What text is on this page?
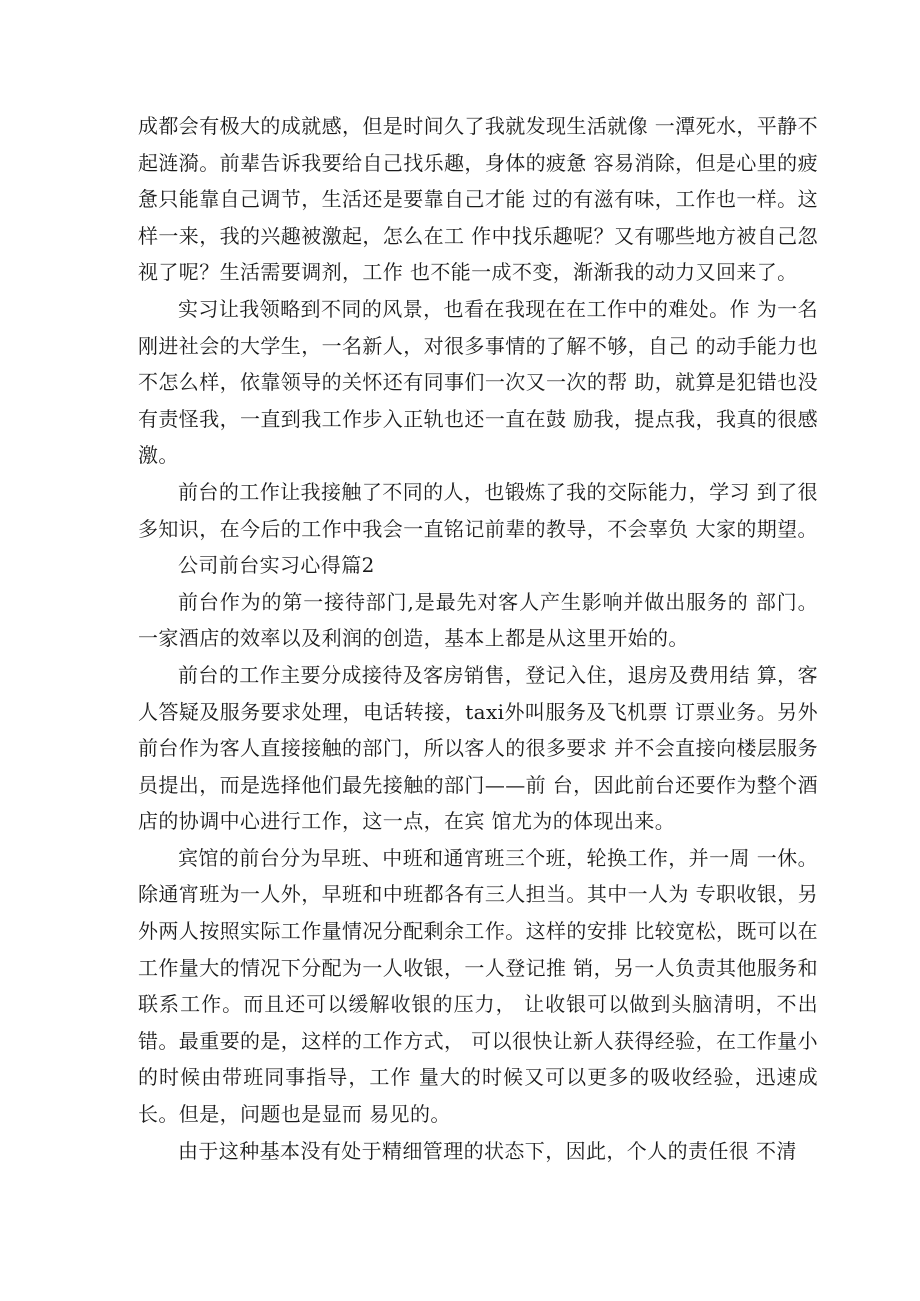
成都会有极大的成就感，但是时间久了我就发现生活就像 一潭死水，平静不起涟漪。前辈告诉我要给自己找乐趣，身体的疲惫 容易消除，但是心里的疲惫只能靠自己调节，生活还是要靠自己才能 过的有滋有味，工作也一样。这样一来，我的兴趣被激起，怎么在工 作中找乐趣呢？又有哪些地方被自己忽视了呢？生活需要调剂，工作 也不能一成不变，渐渐我的动力又回来了。

实习让我领略到不同的风景，也看在我现在在工作中的难处。作 为一名刚进社会的大学生，一名新人，对很多事情的了解不够，自己 的动手能力也不怎么样，依靠领导的关怀还有同事们一次又一次的帮 助，就算是犯错也没有责怪我，一直到我工作步入正轨也还一直在鼓 励我，提点我，我真的很感激。

前台的工作让我接触了不同的人，也锻炼了我的交际能力，学习 到了很多知识，在今后的工作中我会一直铭记前辈的教导，不会辜负 大家的期望。

公司前台实习心得篇2

前台作为的第一接待部门,是最先对客人产生影响并做出服务的 部门。一家酒店的效率以及利润的创造，基本上都是从这里开始的。

前台的工作主要分成接待及客房销售，登记入住，退房及费用结 算，客人答疑及服务要求处理，电话转接，taxi外叫服务及飞机票 订票业务。另外前台作为客人直接接触的部门，所以客人的很多要求 并不会直接向楼层服务员提出，而是选择他们最先接触的部门——前 台，因此前台还要作为整个酒店的协调中心进行工作，这一点，在宾 馆尤为的体现出来。

宾馆的前台分为早班、中班和通宵班三个班，轮换工作，并一周 一休。除通宵班为一人外，早班和中班都各有三人担当。其中一人为 专职收银，另外两人按照实际工作量情况分配剩余工作。这样的安排 比较宽松，既可以在工作量大的情况下分配为一人收银，一人登记推 销，另一人负责其他服务和联系工作。而且还可以缓解收银的压力， 让收银可以做到头脑清明，不出错。最重要的是，这样的工作方式， 可以很快让新人获得经验，在工作量小的时候由带班同事指导，工作 量大的时候又可以更多的吸收经验，迅速成长。但是，问题也是显而 易见的。

由于这种基本没有处于精细管理的状态下，因此，个人的责任很 不清
